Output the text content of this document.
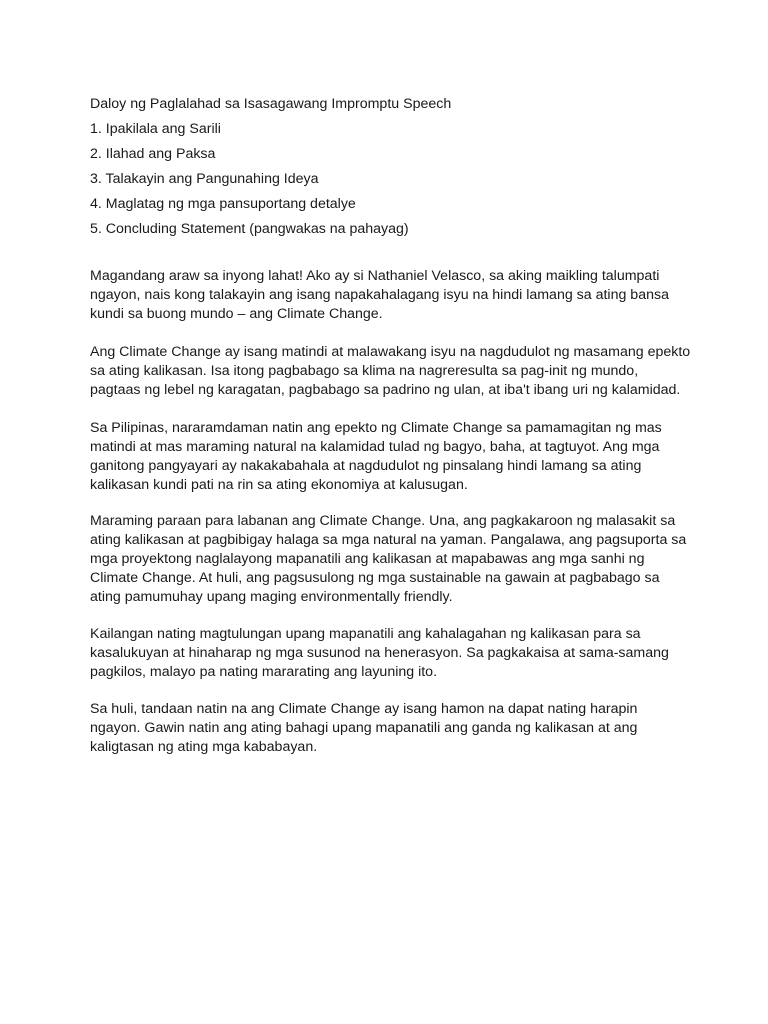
Daloy ng Paglalahad sa Isasagawang Impromptu Speech
1. Ipakilala ang Sarili
2. Ilahad ang Paksa
3. Talakayin ang Pangunahing Ideya
4. Maglatag ng mga pansuportang detalye
5. Concluding Statement (pangwakas na pahayag)

Magandang araw sa inyong lahat! Ako ay si Nathaniel Velasco, sa aking maikling talumpati
ngayon, nais kong talakayin ang isang napakahalagang isyu na hindi lamang sa ating bansa
kundi sa buong mundo – ang Climate Change.

Ang Climate Change ay isang matindi at malawakang isyu na nagdudulot ng masamang epekto
sa ating kalikasan. Isa itong pagbabago sa klima na nagreresulta sa pag-init ng mundo,
pagtaas ng lebel ng karagatan, pagbabago sa padrino ng ulan, at iba't ibang uri ng kalamidad.

Sa Pilipinas, nararamdaman natin ang epekto ng Climate Change sa pamamagitan ng mas
matindi at mas maraming natural na kalamidad tulad ng bagyo, baha, at tagtuyot. Ang mga
ganitong pangyayari ay nakakabahala at nagdudulot ng pinsalang hindi lamang sa ating
kalikasan kundi pati na rin sa ating ekonomiya at kalusugan.

Maraming paraan para labanan ang Climate Change. Una, ang pagkakaroon ng malasakit sa
ating kalikasan at pagbibigay halaga sa mga natural na yaman. Pangalawa, ang pagsuporta sa
mga proyektong naglalayong mapanatili ang kalikasan at mapabawas ang mga sanhi ng
Climate Change. At huli, ang pagsusulong ng mga sustainable na gawain at pagbabago sa
ating pamumuhay upang maging environmentally friendly.

Kailangan nating magtulungan upang mapanatili ang kahalagahan ng kalikasan para sa
kasalukuyan at hinaharap ng mga susunod na henerasyon. Sa pagkakaisa at sama-samang
pagkilos, malayo pa nating mararating ang layuning ito.

Sa huli, tandaan natin na ang Climate Change ay isang hamon na dapat nating harapin
ngayon. Gawin natin ang ating bahagi upang mapanatili ang ganda ng kalikasan at ang
kaligtasan ng ating mga kababayan.
